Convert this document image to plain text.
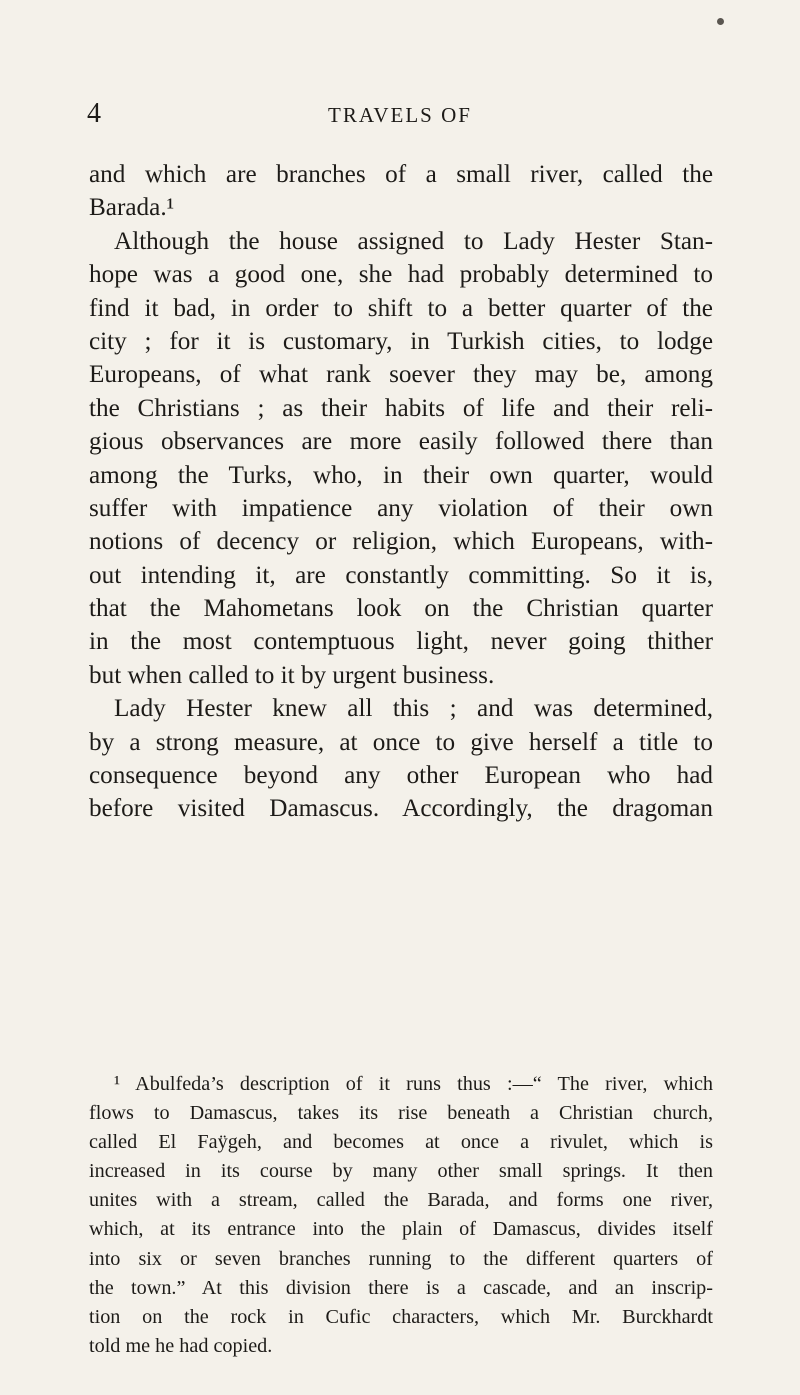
4	TRAVELS OF
and which are branches of a small river, called the
Barada.¹
Although the house assigned to Lady Hester Stan-
hope was a good one, she had probably determined to
find it bad, in order to shift to a better quarter of the
city ; for it is customary, in Turkish cities, to lodge
Europeans, of what rank soever they may be, among
the Christians ; as their habits of life and their reli-
gious observances are more easily followed there than
among the Turks, who, in their own quarter, would
suffer with impatience any violation of their own
notions of decency or religion, which Europeans, with-
out intending it, are constantly committing. So it is,
that the Mahometans look on the Christian quarter
in the most contemptuous light, never going thither
but when called to it by urgent business.
Lady Hester knew all this ; and was determined,
by a strong measure, at once to give herself a title to
consequence beyond any other European who had
before visited Damascus. Accordingly, the dragoman
¹ Abulfeda’s description of it runs thus :—“ The river, which
flows to Damascus, takes its rise beneath a Christian church,
called El Faÿgeh, and becomes at once a rivulet, which is
increased in its course by many other small springs. It then
unites with a stream, called the Barada, and forms one river,
which, at its entrance into the plain of Damascus, divides itself
into six or seven branches running to the different quarters of
the town.” At this division there is a cascade, and an inscrip-
tion on the rock in Cufic characters, which Mr. Burckhardt
told me he had copied.
